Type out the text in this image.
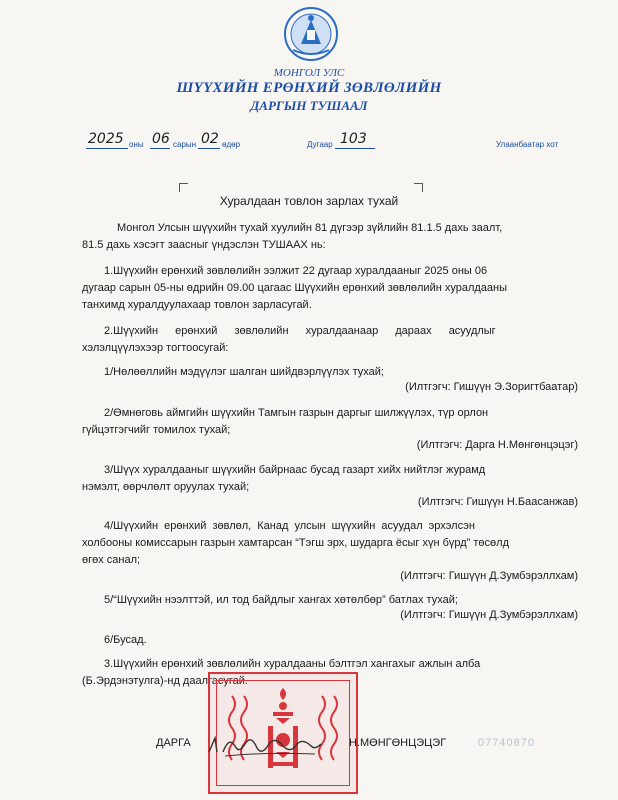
МОНГОЛ УЛС
ШҮҮХИЙН ЕРӨНХИЙ ЗӨВЛӨЛИЙН
ДАРГЫН ТУШААЛ
2025 оны 06 сарын 02 өдөр	Дугаар 103	Улаанбаатар хот
Хуралдаан товлон зарлах тухай
Монгол Улсын шүүхийн тухай хуулийн 81 дүгээр зүйлийн 81.1.5 дахь заалт,
81.5 дахь хэсэгт заасныг үндэслэн ТУШААХ нь:
1.Шүүхийн ерөнхий зөвлөлийн ээлжит 22 дугаар хуралдааныг 2025 оны 06
дугаар сарын 05-ны өдрийн 09.00 цагаас Шүүхийн ерөнхий зөвлөлийн хуралдааны
танхимд хуралдуулахаар товлон зарласугай.
2.Шүүхийн ерөнхий зөвлөлийн хуралдаанаар дараах асуудлыг
хэлэлцүүлэхээр тогтоосугай:
1/Нөлөөллийн мэдүүлэг шалган шийдвэрлүүлэх тухай;
(Илтгэгч: Гишүүн Э.Зоригтбаатар)
2/Өмнөговь аймгийн шүүхийн Тамгын газрын даргыг шилжүүлэх, түр орлон
гүйцэтгэгчийг томилох тухай;
(Илтгэгч: Дарга Н.Мөнгөнцэцэг)
3/Шүүх хуралдааныг шүүхийн байрнаас бусад газарт хийх нийтлэг журамд
нэмэлт, өөрчлөлт оруулах тухай;
(Илтгэгч: Гишүүн Н.Баасанжав)
4/Шүүхийн ерөнхий зөвлөл, Канад улсын шүүхийн асуудал эрхэлсэн
холбооны комиссарын газрын хамтарсан “Тэгш эрх, шударга ёсыг хүн бүрд” төсөлд
өгөх санал;
(Илтгэгч: Гишүүн Д.Зумбэрэллхам)
5/“Шүүхийн нээлттэй, ил тод байдлыг хангах хөтөлбөр” батлах тухай;
(Илтгэгч: Гишүүн Д.Зумбэрэллхам)
6/Бусад.
3.Шүүхийн ерөнхий зөвлөлийн хуралдааны бэлтгэл хангахыг ажлын алба
(Б.Эрдэнэтулга)-нд даалгасугай.
ДАРГА	Н.МӨНГӨНЦЭЦЭГ	07740870
